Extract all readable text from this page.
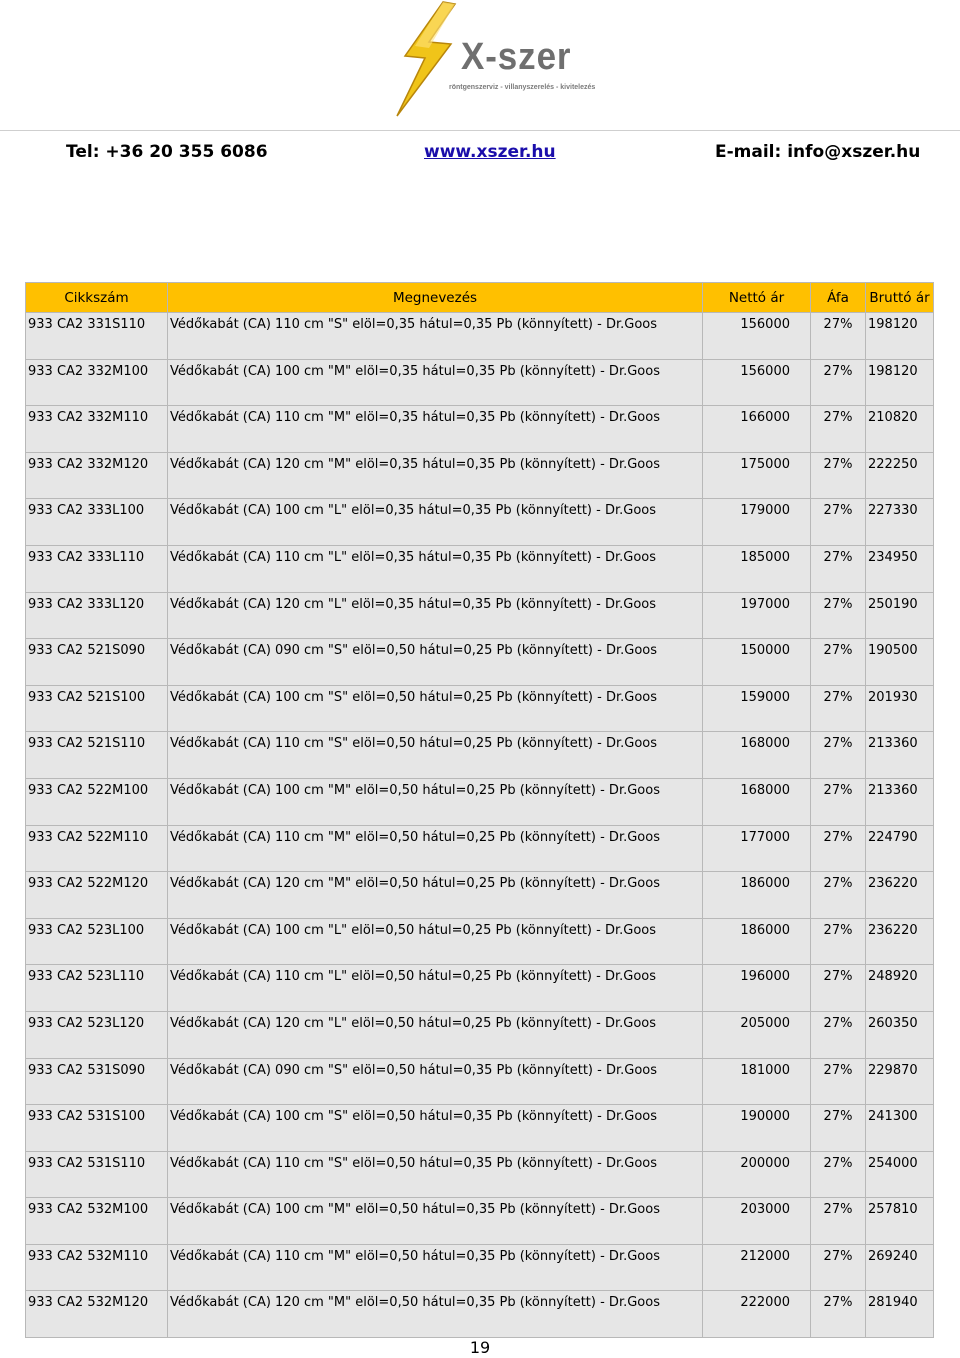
X-szer
röntgenszerviz - villanyszerelés - kivitelezés
Tel: +36 20 355 6086	www.xszer.hu	E-mail: info@xszer.hu
Cikkszám	Megnevezés	Nettó ár	Áfa	Bruttó ár
933 CA2 331S110	Védőkabát (CA) 110 cm "S" elöl=0,35 hátul=0,35 Pb (könnyített) - Dr.Goos	156000	27%	198120
933 CA2 332M100	Védőkabát (CA) 100 cm "M" elöl=0,35 hátul=0,35 Pb (könnyített) - Dr.Goos	156000	27%	198120
933 CA2 332M110	Védőkabát (CA) 110 cm "M" elöl=0,35 hátul=0,35 Pb (könnyített) - Dr.Goos	166000	27%	210820
933 CA2 332M120	Védőkabát (CA) 120 cm "M" elöl=0,35 hátul=0,35 Pb (könnyített) - Dr.Goos	175000	27%	222250
933 CA2 333L100	Védőkabát (CA) 100 cm "L" elöl=0,35 hátul=0,35 Pb (könnyített) - Dr.Goos	179000	27%	227330
933 CA2 333L110	Védőkabát (CA) 110 cm "L" elöl=0,35 hátul=0,35 Pb (könnyített) - Dr.Goos	185000	27%	234950
933 CA2 333L120	Védőkabát (CA) 120 cm "L" elöl=0,35 hátul=0,35 Pb (könnyített) - Dr.Goos	197000	27%	250190
933 CA2 521S090	Védőkabát (CA) 090 cm "S" elöl=0,50 hátul=0,25 Pb (könnyített) - Dr.Goos	150000	27%	190500
933 CA2 521S100	Védőkabát (CA) 100 cm "S" elöl=0,50 hátul=0,25 Pb (könnyített) - Dr.Goos	159000	27%	201930
933 CA2 521S110	Védőkabát (CA) 110 cm "S" elöl=0,50 hátul=0,25 Pb (könnyített) - Dr.Goos	168000	27%	213360
933 CA2 522M100	Védőkabát (CA) 100 cm "M" elöl=0,50 hátul=0,25 Pb (könnyített) - Dr.Goos	168000	27%	213360
933 CA2 522M110	Védőkabát (CA) 110 cm "M" elöl=0,50 hátul=0,25 Pb (könnyített) - Dr.Goos	177000	27%	224790
933 CA2 522M120	Védőkabát (CA) 120 cm "M" elöl=0,50 hátul=0,25 Pb (könnyített) - Dr.Goos	186000	27%	236220
933 CA2 523L100	Védőkabát (CA) 100 cm "L" elöl=0,50 hátul=0,25 Pb (könnyített) - Dr.Goos	186000	27%	236220
933 CA2 523L110	Védőkabát (CA) 110 cm "L" elöl=0,50 hátul=0,25 Pb (könnyített) - Dr.Goos	196000	27%	248920
933 CA2 523L120	Védőkabát (CA) 120 cm "L" elöl=0,50 hátul=0,25 Pb (könnyített) - Dr.Goos	205000	27%	260350
933 CA2 531S090	Védőkabát (CA) 090 cm "S" elöl=0,50 hátul=0,35 Pb (könnyített) - Dr.Goos	181000	27%	229870
933 CA2 531S100	Védőkabát (CA) 100 cm "S" elöl=0,50 hátul=0,35 Pb (könnyített) - Dr.Goos	190000	27%	241300
933 CA2 531S110	Védőkabát (CA) 110 cm "S" elöl=0,50 hátul=0,35 Pb (könnyített) - Dr.Goos	200000	27%	254000
933 CA2 532M100	Védőkabát (CA) 100 cm "M" elöl=0,50 hátul=0,35 Pb (könnyített) - Dr.Goos	203000	27%	257810
933 CA2 532M110	Védőkabát (CA) 110 cm "M" elöl=0,50 hátul=0,35 Pb (könnyített) - Dr.Goos	212000	27%	269240
933 CA2 532M120	Védőkabát (CA) 120 cm "M" elöl=0,50 hátul=0,35 Pb (könnyített) - Dr.Goos	222000	27%	281940
19
